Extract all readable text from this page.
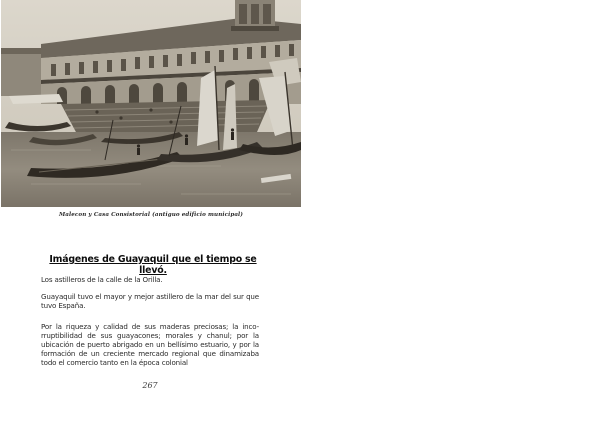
Malecon y Casa Consistorial (antiguo edificio municipal)
Imágenes de Guayaquil que el tiempo se llevó.
Los astilleros de la calle de la Orilla.
Guayaquil tuvo el mayor y mejor astillero de la mar del sur que tuvo España.
Por la riqueza y calidad de sus maderas preciosas; la inco-rruptibilidad de sus guayacones; morales y chanul; por la ubicación de puerto abrigado en un bellísimo estuario, y por la formación de un creciente mercado regional que dinamizaba todo el comercio tanto en la época colonial
267
